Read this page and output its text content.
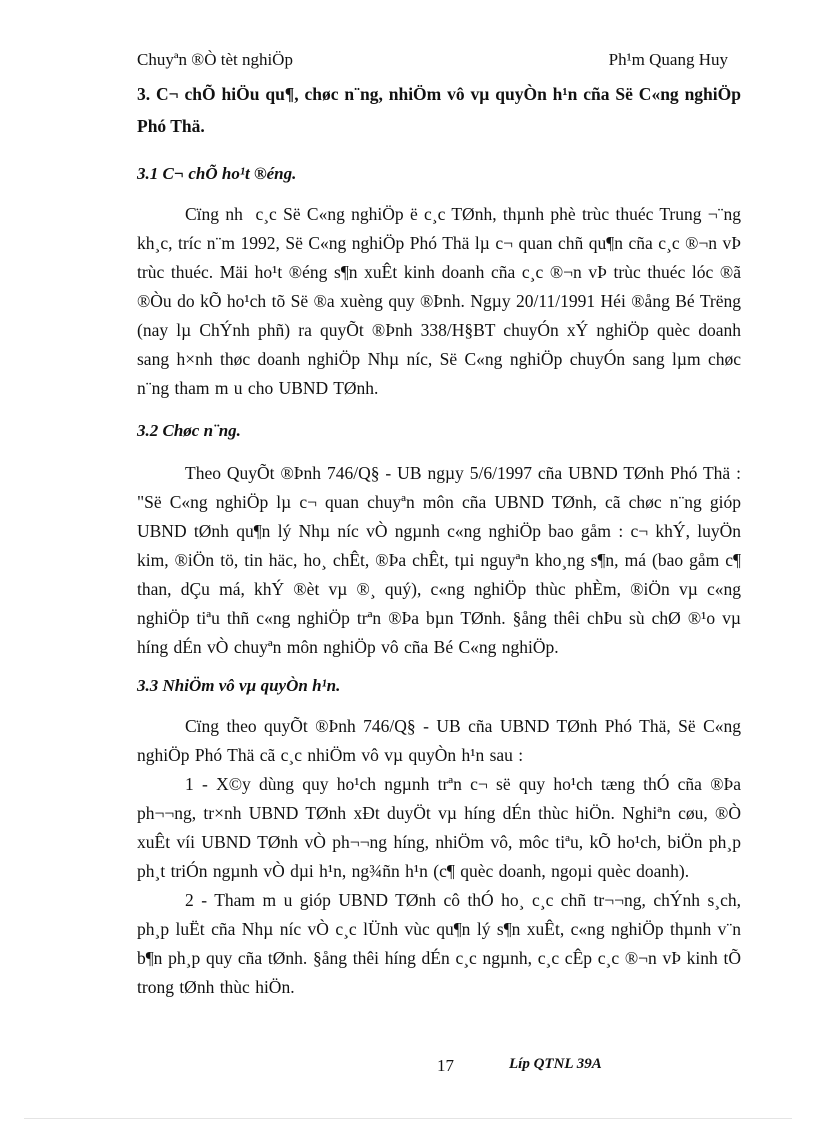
Chuyªn ®Ò tèt nghiÖp	Ph¹m Quang Huy
3. C¬ chÕ hiÖu qu¶, chøc n¨ng, nhiÖm vô vµ quyÒn h¹n cña Së C«ng nghiÖp Phó Thä.
3.1 C¬ chÕ ho¹t ®éng.

Cïng nh  c¸c Së C«ng nghiÖp ë c¸c TØnh, thµnh phè trùc thuéc Trung ¬¨ng kh¸c, tríc n¨m 1992, Së C«ng nghiÖp Phó Thä lµ c¬ quan chñ qu¶n cña c¸c ®¬n vÞ trùc thuéc. Mäi ho¹t ®éng s¶n xuÊt kinh doanh cña c¸c ®¬n vÞ trùc thuéc lóc ®ã ®Òu do kÕ ho¹ch tõ Së ®a xuèng quy ®Þnh. Ngµy 20/11/1991 Héi ®ång Bé Trëng (nay lµ ChÝnh phñ) ra quyÕt ®Þnh 338/H§BT chuyÓn xÝ nghiÖp quèc doanh sang h×nh thøc doanh nghiÖp Nhµ níc, Së C«ng nghiÖp chuyÓn sang lµm chøc n¨ng tham m u cho UBND TØnh.

3.2 Chøc n¨ng.

Theo QuyÕt ®Þnh 746/Q§ - UB ngµy 5/6/1997 cña UBND TØnh Phó Thä : "Së C«ng nghiÖp lµ c¬ quan chuyªn môn cña UBND TØnh, cã chøc n¨ng gióp UBND tØnh qu¶n lý Nhµ níc vÒ ngµnh c«ng nghiÖp bao gåm : c¬ khÝ, luyÖn kim, ®iÖn tö, tin häc, ho¸ chÊt, ®Þa chÊt, tµi nguyªn kho¸ng s¶n, má (bao gåm c¶ than, dÇu má, khÝ ®èt vµ ®¸ quý), c«ng nghiÖp thùc phÈm, ®iÖn vµ c«ng nghiÖp tiªu thñ c«ng nghiÖp trªn ®Þa bµn TØnh. §ång thêi chÞu sù chØ ®¹o vµ híng dÉn vÒ chuyªn môn nghiÖp vô cña Bé C«ng nghiÖp.

3.3 NhiÖm vô vµ quyÒn h¹n.

Cïng theo quyÕt ®Þnh 746/Q§ - UB cña UBND TØnh Phó Thä, Së C«ng nghiÖp Phó Thä cã c¸c nhiÖm vô vµ quyÒn h¹n sau :

1 - X©y dùng quy ho¹ch ngµnh trªn c¬ së quy ho¹ch tæng thÓ cña ®Þa ph¬¬ng, tr×nh UBND TØnh xÐt duyÖt vµ híng dÉn thùc hiÖn. Nghiªn cøu, ®Ò xuÊt víi UBND TØnh vÒ ph¬¬ng híng, nhiÖm vô, môc tiªu, kÕ ho¹ch, biÖn ph¸p ph¸t triÓn ngµnh vÒ dµi h¹n, ng¾ñn h¹n (c¶ quèc doanh, ngoµi quèc doanh).

2 - Tham m u gióp UBND TØnh cô thÓ ho¸ c¸c chñ tr¬¬ng, chÝnh s¸ch, ph¸p luËt cña Nhµ níc vÒ c¸c lÜnh vùc qu¶n lý s¶n xuÊt, c«ng nghiÖp thµnh v¨n b¶n ph¸p quy cña tØnh. §ång thêi híng dÉn c¸c ngµnh, c¸c cÊp c¸c ®¬n vÞ kinh tÕ trong tØnh thùc hiÖn.

17	Líp QTNL 39A
